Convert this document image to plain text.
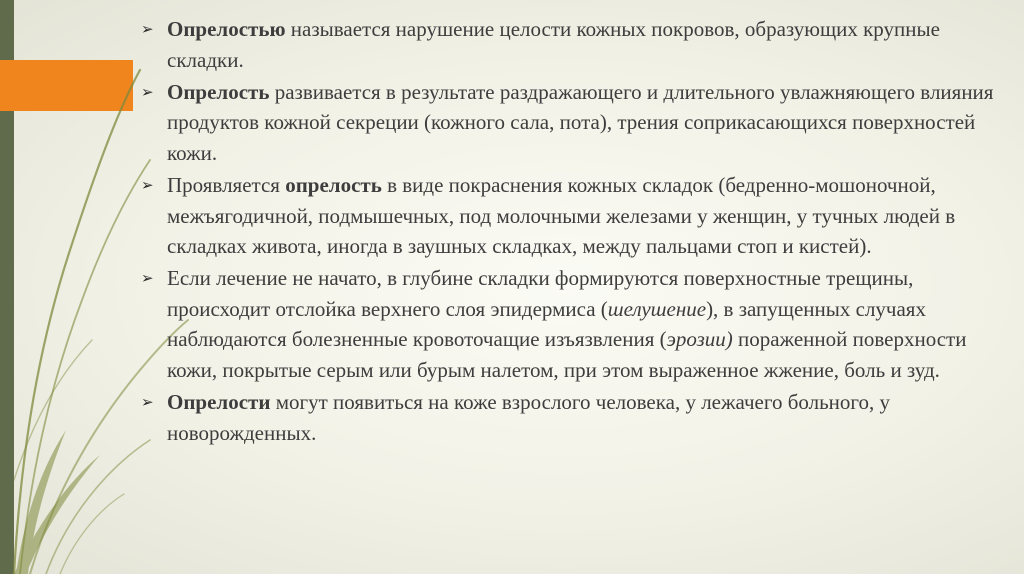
➢ Опрелостью называется нарушение целости кожных покровов, образующих крупные складки.
➢ Опрелость развивается в результате раздражающего и длительного увлажняющего влияния продуктов кожной секреции (кожного сала, пота), трения соприкасающихся поверхностей кожи.
➢ Проявляется опрелость в виде покраснения кожных складок (бедренно-мошоночной, межъягодичной, подмышечных, под молочными железами у женщин, у тучных людей в складках живота, иногда в заушных складках, между пальцами стоп и кистей).
➢ Если лечение не начато, в глубине складки формируются поверхностные трещины, происходит отслойка верхнего слоя эпидермиса (шелушение), в запущенных случаях наблюдаются болезненные кровоточащие изъязвления (эрозии) пораженной поверхности кожи, покрытые серым или бурым налетом, при этом выраженное жжение, боль и зуд.
➢ Опрелости могут появиться на коже взрослого человека, у лежачего больного, у новорожденных.
